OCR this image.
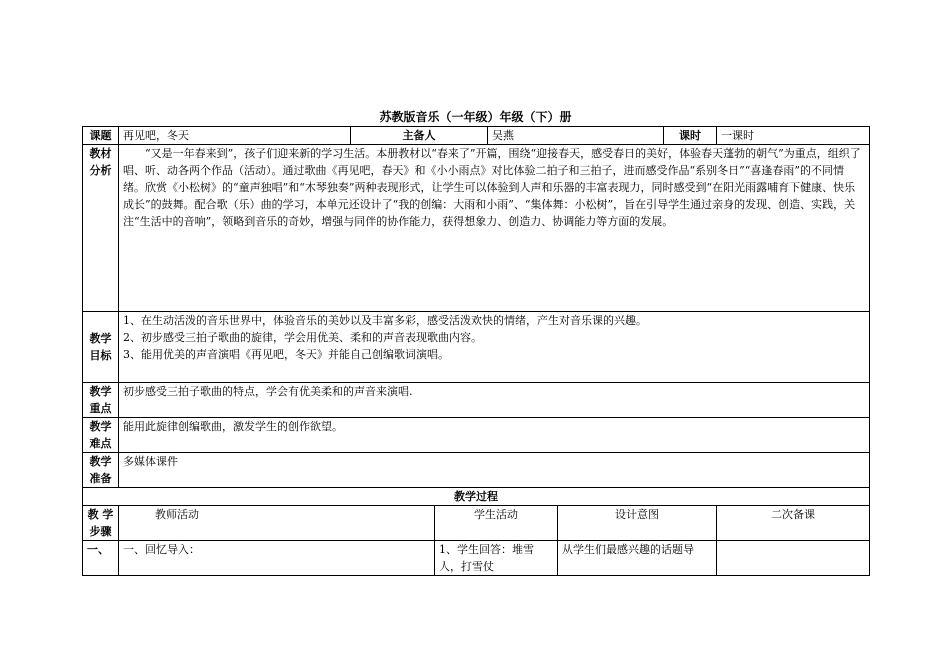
苏教版音乐（一年级）年级（下）册
课题	再见吧，冬天	主备人		吴燕		课时	一课时

教材
分析	“又是一年春来到”，孩子们迎来新的学习生活。本册教材以“春来了”开篇，围绕“迎接春天，感受春日的美好，体验春天蓬勃的朝气”为重点，组织了唱、听、动各两个作品（活动）。通过歌曲《再见吧，春天》和《小小雨点》对比体验二拍子和三拍子，进而感受作品“系别冬日”“喜逢春雨”的不同情绪。欣赏《小松树》的“童声独唱”和“木琴独奏”两种表现形式，让学生可以体验到人声和乐器的丰富表现力，同时感受到“在阳光雨露哺育下健康、快乐成长”的鼓舞。配合歌（乐）曲的学习，本单元还设计了“我的创编：大雨和小雨”、“集体舞：小松树”，旨在引导学生通过亲身的发现、创造、实践，关注“生活中的音响”，领略到音乐的奇妙，增强与同伴的协作能力，获得想象力、创造力、协调能力等方面的发展。						

教学
目标	1、在生动活泼的音乐世界中，体验音乐的美妙以及丰富多彩，感受活泼欢快的情绪，产生对音乐课的兴趣。
2、初步感受三拍子歌曲的旋律，学会用优美、柔和的声音表现歌曲内容。
3、能用优美的声音演唱《再见吧，冬天》并能自己创编歌词演唱。						

教学
重点	初步感受三拍子歌曲的特点，学会有优美柔和的声音来演唱.						

教学
难点	能用此旋律创编歌曲，激发学生的创作欲望。						

教学
准备	多媒体课件						
教学过程							

教 学
步骤	教师活动		学生活动		设计意图		二次备课
一、	一、回忆导入：		1、学生回答：堆雪人，打雪仗		从学生们最感兴趣的话题导		
